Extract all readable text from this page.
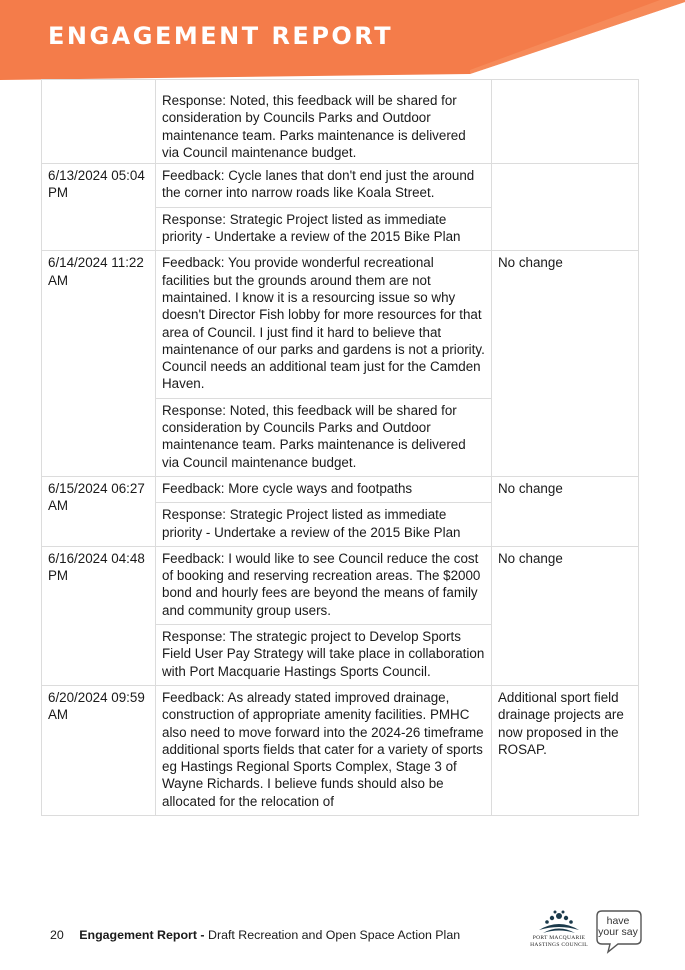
ENGAGEMENT REPORT
	Response: Noted, this feedback will be shared for consideration by Councils Parks and Outdoor maintenance team. Parks maintenance is delivered via Council maintenance budget.	
6/13/2024 05:04 PM	Feedback: Cycle lanes that don't end just the around the corner into narrow roads like Koala Street.	
	Response: Strategic Project listed as immediate priority - Undertake a review of the 2015 Bike Plan	
6/14/2024 11:22 AM	Feedback: You provide wonderful recreational facilities but the grounds around them are not maintained. I know it is a resourcing issue so why doesn't Director Fish lobby for more resources for that area of Council. I just find it hard to believe that maintenance of our parks and gardens is not a priority. Council needs an additional team just for the Camden Haven.	No change
	Response: Noted, this feedback will be shared for consideration by Councils Parks and Outdoor maintenance team. Parks maintenance is delivered via Council maintenance budget.	
6/15/2024 06:27 AM	Feedback: More cycle ways and footpaths	No change
	Response: Strategic Project listed as immediate priority - Undertake a review of the 2015 Bike Plan	
6/16/2024 04:48 PM	Feedback: I would like to see Council reduce the cost of booking and reserving recreation areas. The $2000 bond and hourly fees are beyond the means of family and community group users.	No change
	Response: The strategic project to Develop Sports Field User Pay Strategy will take place in collaboration with Port Macquarie Hastings Sports Council.	
6/20/2024 09:59 AM	Feedback: As already stated improved drainage, construction of appropriate amenity facilities. PMHC also need to move forward into the 2024-26 timeframe additional sports fields that cater for a variety of sports eg Hastings Regional Sports Complex, Stage 3 of Wayne Richards. I believe funds should also be allocated for the relocation of	Additional sport field drainage projects are now proposed in the ROSAP.
20 Engagement Report - Draft Recreation and Open Space Action Plan	PORT MACQUARIE
HASTINGS COUNCIL
have
your say
